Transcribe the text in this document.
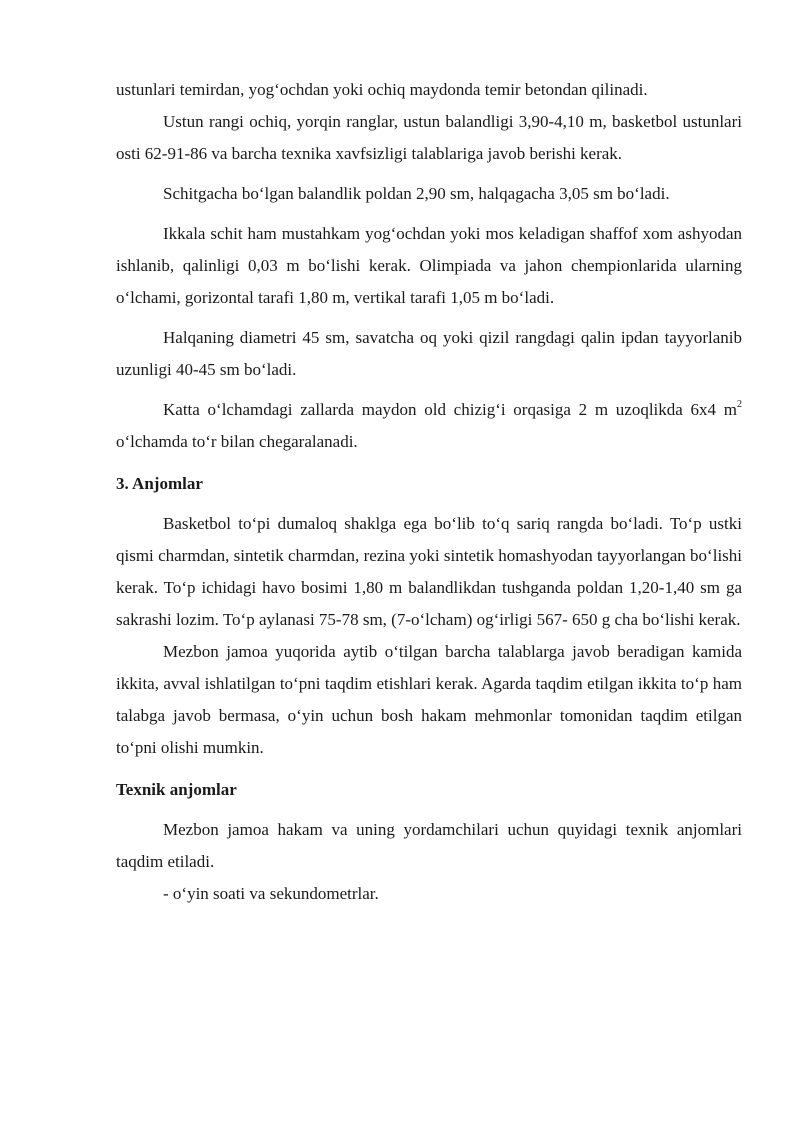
ustunlari temirdan, yog‘ochdan yoki ochiq maydonda temir betondan qilinadi.

Ustun rangi ochiq, yorqin ranglar, ustun balandligi 3,90-4,10 m, basketbol ustunlari osti 62-91-86 va barcha texnika xavfsizligi talablariga javob berishi kerak.

Schitgacha bo‘lgan balandlik poldan 2,90 sm, halqagacha 3,05 sm bo‘ladi.

Ikkala schit ham mustahkam yog‘ochdan yoki mos keladigan shaffof xom ashyodan ishlanib, qalinligi 0,03 m bo‘lishi kerak. Olimpiada va jahon chempionlarida ularning o‘lchami, gorizontal tarafi 1,80 m, vertikal tarafi 1,05 m bo‘ladi.

Halqaning diametri 45 sm, savatcha oq yoki qizil rangdagi qalin ipdan tayyorlanib uzunligi 40-45 sm bo‘ladi.

Katta o‘lchamdagi zallarda maydon old chizig‘i orqasiga 2 m uzoqlikda 6x4 $m^2$ o‘lchamda to‘r bilan chegaralanadi.

3. Anjomlar

Basketbol to‘pi dumaloq shaklga ega bo‘lib to‘q sariq rangda bo‘ladi. To‘p ustki qismi charmdan, sintetik charmdan, rezina yoki sintetik homashyodan tayyorlangan bo‘lishi kerak. To‘p ichidagi havo bosimi 1,80 m balandlikdan tushganda poldan 1,20-1,40 sm ga sakrashi lozim. To‘p aylanasi 75-78 sm, (7-o‘lcham) og‘irligi 567- 650 g cha bo‘lishi kerak.

Mezbon jamoa yuqorida aytib o‘tilgan barcha talablarga javob beradigan kamida ikkita, avval ishlatilgan to‘pni taqdim etishlari kerak. Agarda taqdim etilgan ikkita to‘p ham talabga javob bermasa, o‘yin uchun bosh hakam mehmonlar tomonidan taqdim etilgan to‘pni olishi mumkin.

Texnik anjomlar

Mezbon jamoa hakam va uning yordamchilari uchun quyidagi texnik anjomlari taqdim etiladi.

- o‘yin soati va sekundometrlar.
